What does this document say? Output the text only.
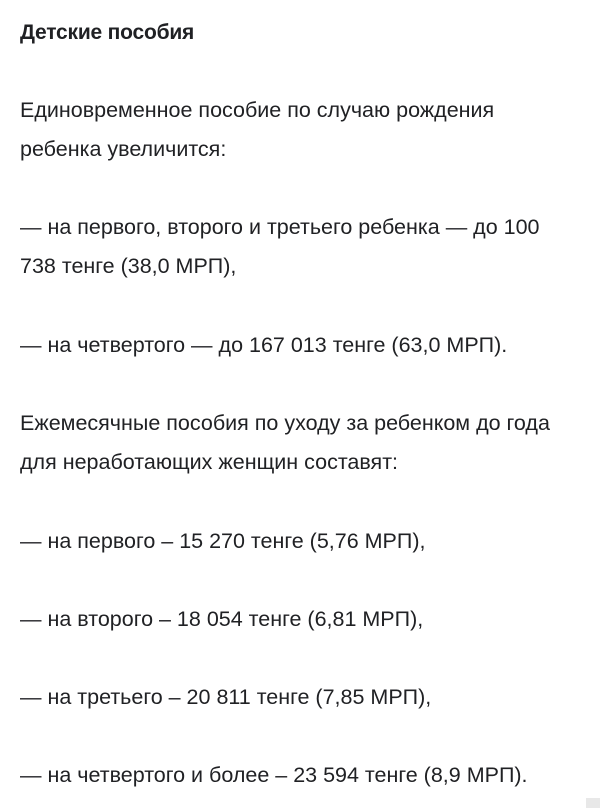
Детские пособия

Единовременное пособие по случаю рождения
ребенка увеличится:

— на первого, второго и третьего ребенка — до 100
738 тенге (38,0 МРП),

— на четвертого — до 167 013 тенге (63,0 МРП).

Ежемесячные пособия по уходу за ребенком до года
для неработающих женщин составят:

— на первого – 15 270 тенге (5,76 МРП),

— на второго – 18 054 тенге (6,81 МРП),

— на третьего – 20 811 тенге (7,85 МРП),

— на четвертого и более – 23 594 тенге (8,9 МРП).
